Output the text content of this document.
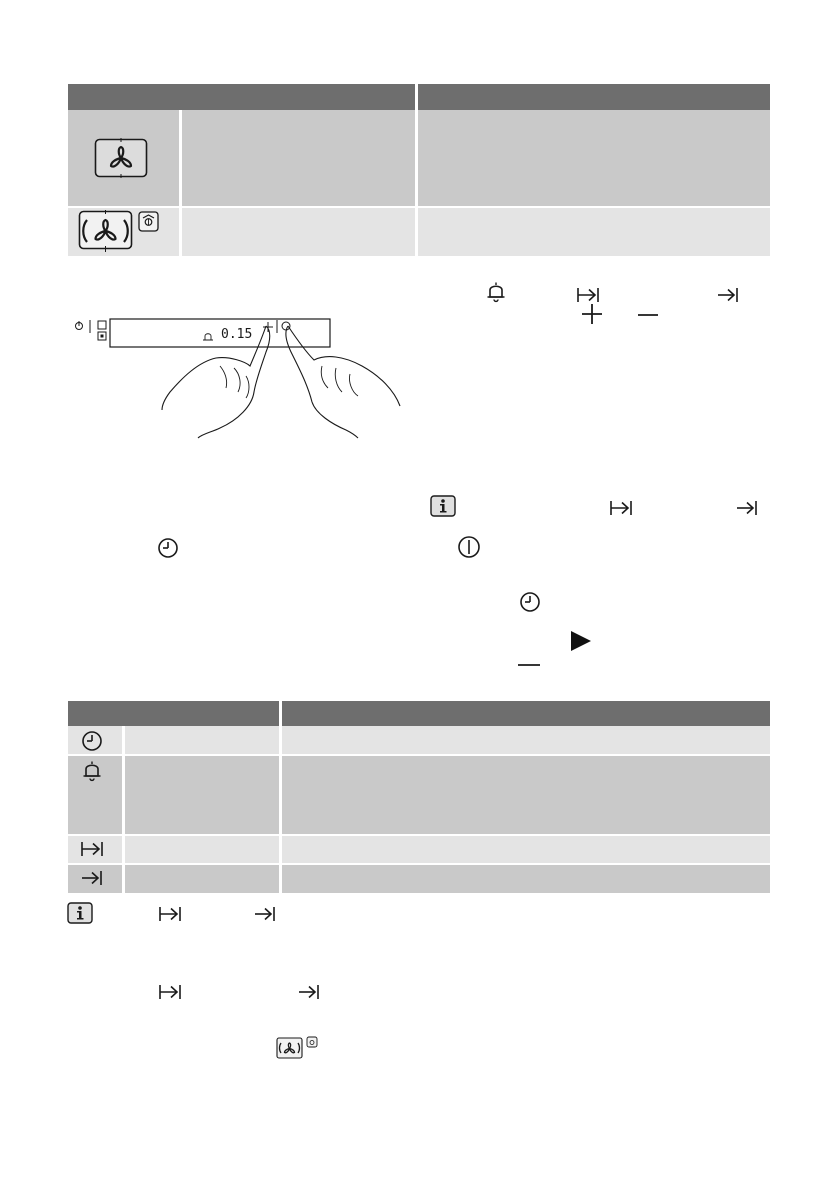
0.15
